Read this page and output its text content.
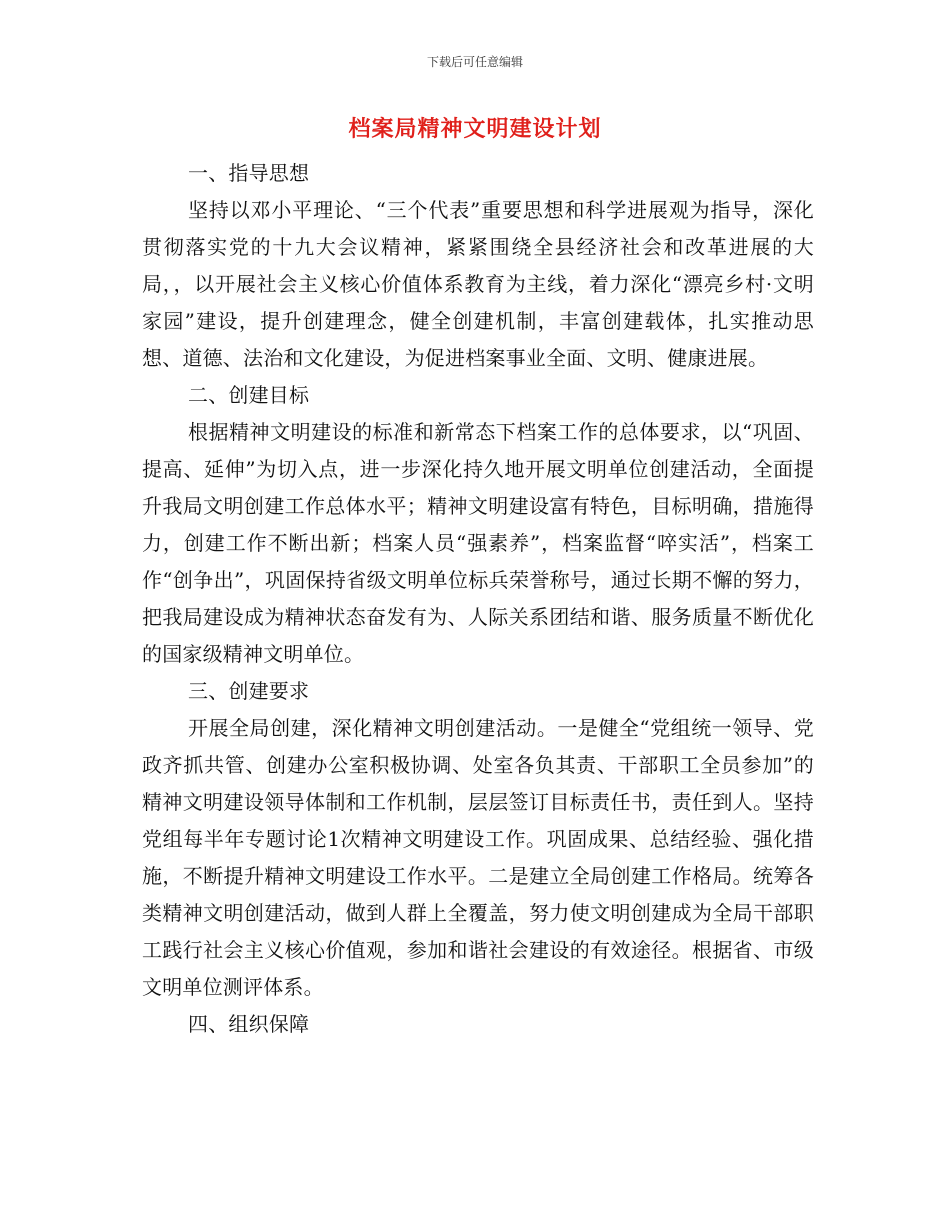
下载后可任意编辑
档案局精神文明建设计划
一、指导思想

坚持以邓小平理论、“三个代表”重要思想和科学进展观为指导，深化贯彻落实党的十九大会议精神，紧紧围绕全县经济社会和改革进展的大局，，以开展社会主义核心价值体系教育为主线，着力深化“漂亮乡村·文明家园”建设，提升创建理念，健全创建机制，丰富创建载体，扎实推动思想、道德、法治和文化建设，为促进档案事业全面、文明、健康进展。

二、创建目标

根据精神文明建设的标准和新常态下档案工作的总体要求，以“巩固、提高、延伸”为切入点，进一步深化持久地开展文明单位创建活动，全面提升我局文明创建工作总体水平；精神文明建设富有特色，目标明确，措施得力，创建工作不断出新；档案人员“强素养”，档案监督“啐实活”，档案工作“创争出”，巩固保持省级文明单位标兵荣誉称号，通过长期不懈的努力，把我局建设成为精神状态奋发有为、人际关系团结和谐、服务质量不断优化的国家级精神文明单位。

三、创建要求

开展全局创建，深化精神文明创建活动。一是健全“党组统一领导、党政齐抓共管、创建办公室积极协调、处室各负其责、干部职工全员参加”的精神文明建设领导体制和工作机制，层层签订目标责任书，责任到人。坚持党组每半年专题讨论1次精神文明建设工作。巩固成果、总结经验、强化措施，不断提升精神文明建设工作水平。二是建立全局创建工作格局。统筹各类精神文明创建活动，做到人群上全覆盖，努力使文明创建成为全局干部职工践行社会主义核心价值观，参加和谐社会建设的有效途径。根据省、市级文明单位测评体系。

四、组织保障
